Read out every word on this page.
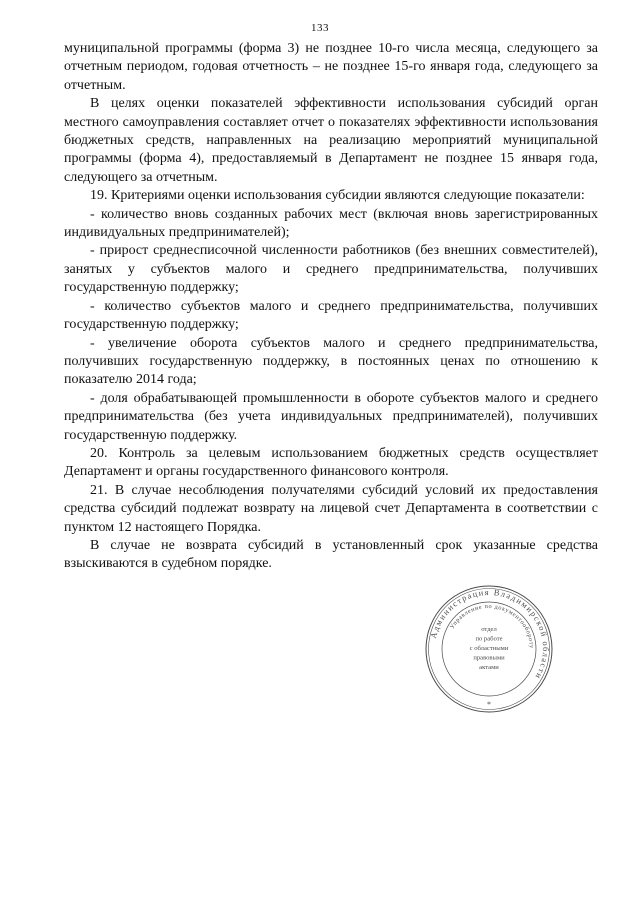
133

муниципальной программы (форма 3) не позднее 10-го числа месяца, следующего за отчетным периодом, годовая отчетность – не позднее 15-го января года, следующего за отчетным.

В целях оценки показателей эффективности использования субсидий орган местного самоуправления составляет отчет о показателях эффективности использования бюджетных средств, направленных на реализацию мероприятий муниципальной программы (форма 4), предоставляемый в Департамент не позднее 15 января года, следующего за отчетным.

19. Критериями оценки использования субсидии являются следующие показатели:

- количество вновь созданных рабочих мест (включая вновь зарегистрированных индивидуальных предпринимателей);

- прирост среднесписочной численности работников (без внешних совместителей), занятых у субъектов малого и среднего предпринимательства, получивших государственную поддержку;

- количество субъектов малого и среднего предпринимательства, получивших государственную поддержку;

- увеличение оборота субъектов малого и среднего предпринимательства, получивших государственную поддержку, в постоянных ценах по отношению к показателю 2014 года;

- доля обрабатывающей промышленности в обороте субъектов малого и среднего предпринимательства (без учета индивидуальных предпринимателей), получивших государственную поддержку.

20. Контроль за целевым использованием бюджетных средств осуществляет Департамент и органы государственного финансового контроля.

21. В случае несоблюдения получателями субсидий условий их предоставления средства субсидий подлежат возврату на лицевой счет Департамента в соответствии с пунктом 12 настоящего Порядка.

В случае не возврата субсидий в установленный срок указанные средства взыскиваются в судебном порядке.

Администрация Владимирской области
Управление по документообороту
отдел
по работе
с областными
правовыми
актами
*
